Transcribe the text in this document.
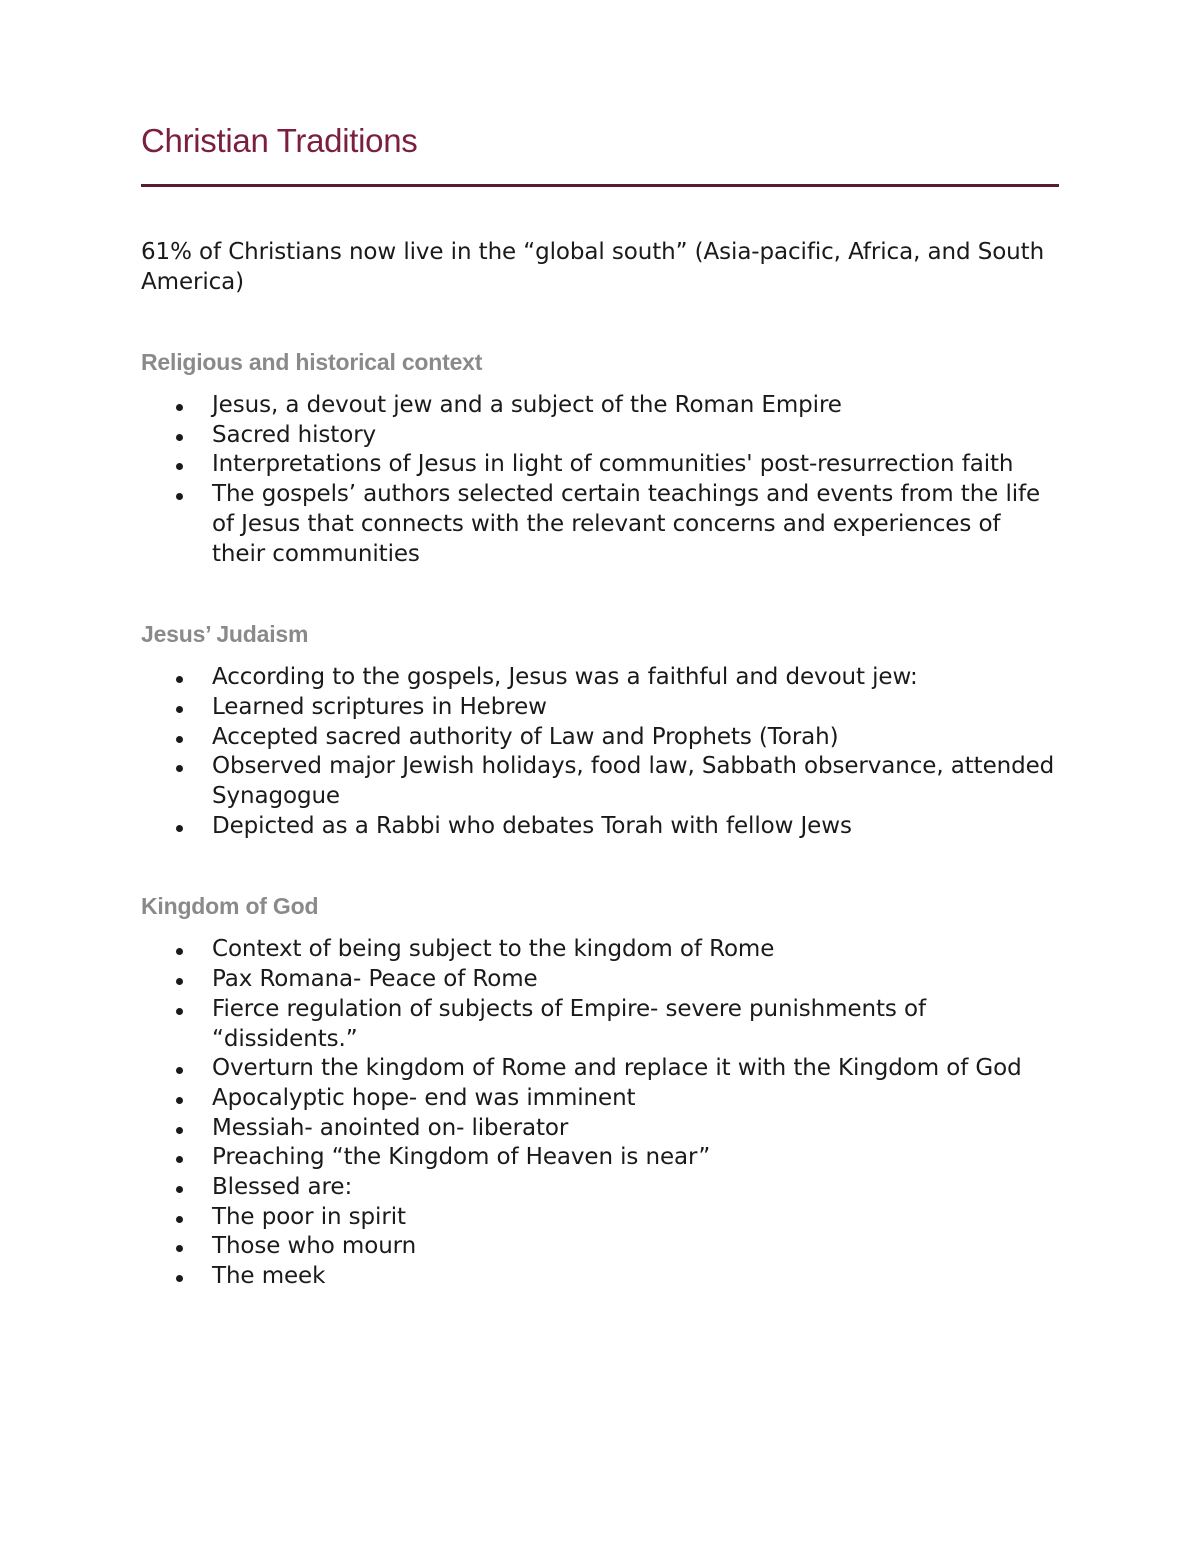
Christian Traditions

61% of Christians now live in the “global south” (Asia-pacific, Africa, and South America)

Religious and historical context
Jesus, a devout jew and a subject of the Roman Empire
Sacred history
Interpretations of Jesus in light of communities' post-resurrection faith
The gospels’ authors selected certain teachings and events from the life of Jesus that connects with the relevant concerns and experiences of their communities
Jesus’ Judaism
According to the gospels, Jesus was a faithful and devout jew:
Learned scriptures in Hebrew
Accepted sacred authority of Law and Prophets (Torah)
Observed major Jewish holidays, food law, Sabbath observance, attended Synagogue
Depicted as a Rabbi who debates Torah with fellow Jews
Kingdom of God
Context of being subject to the kingdom of Rome
Pax Romana- Peace of Rome
Fierce regulation of subjects of Empire- severe punishments of “dissidents.”
Overturn the kingdom of Rome and replace it with the Kingdom of God
Apocalyptic hope- end was imminent
Messiah- anointed on- liberator
Preaching “the Kingdom of Heaven is near”
Blessed are:
The poor in spirit
Those who mourn
The meek
